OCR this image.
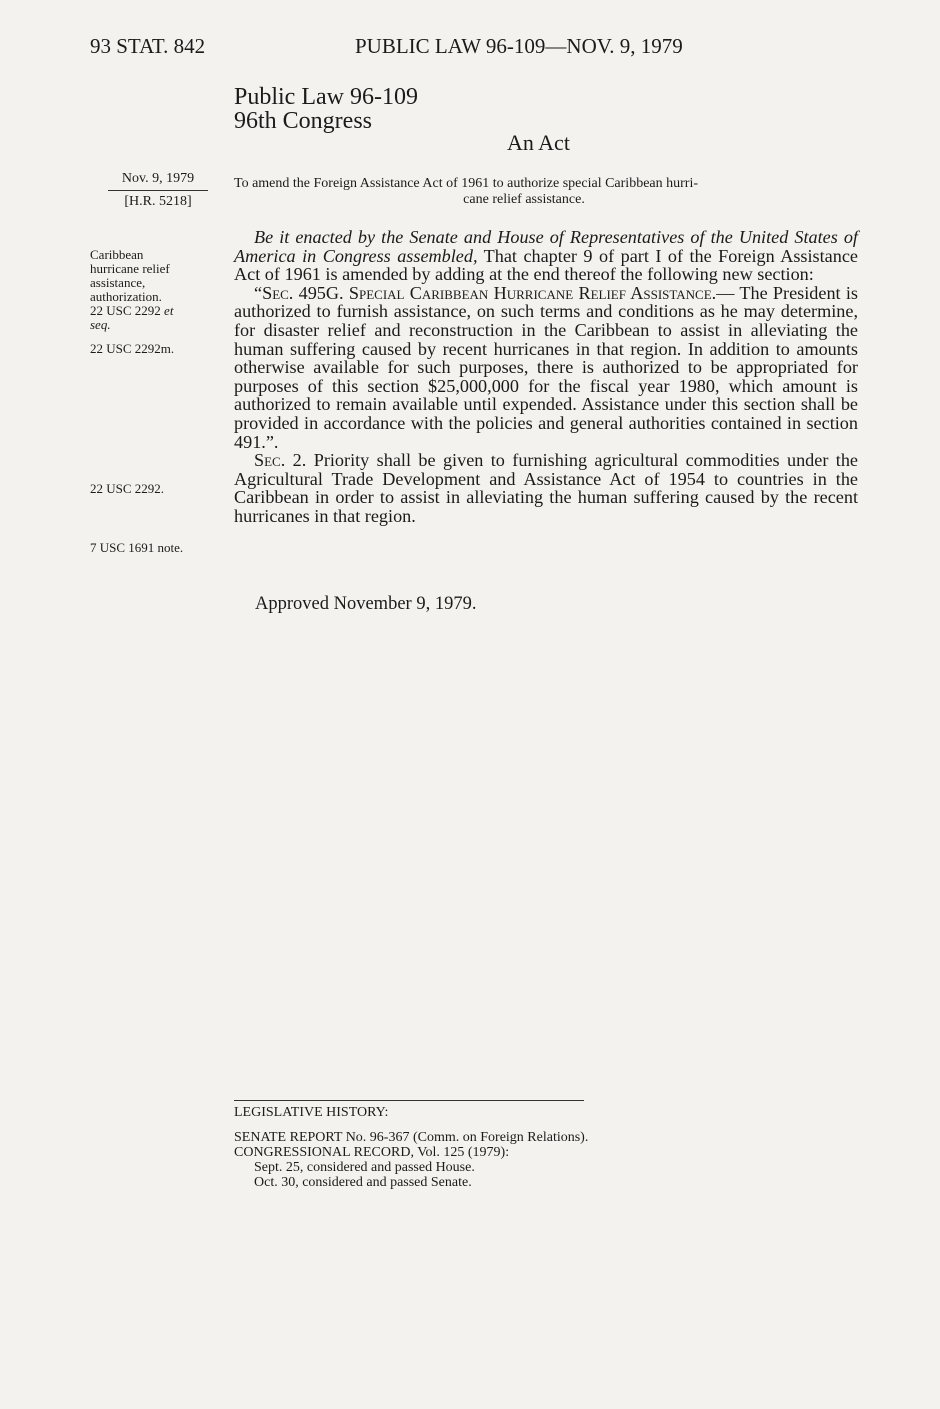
93 STAT. 842	PUBLIC LAW 96-109—NOV. 9, 1979
Public Law 96-109
96th Congress
An Act
Nov. 9, 1979
[H.R. 5218]
To amend the Foreign Assistance Act of 1961 to authorize special Caribbean hurri-
cane relief assistance.
Caribbean
hurricane relief
assistance,
authorization.
22 USC 2292 et
seq.
22 USC 2292m.
22 USC 2292.
7 USC 1691 note.

Be it enacted by the Senate and House of Representatives of the United States of America in Congress assembled, That chapter 9 of part I of the Foreign Assistance Act of 1961 is amended by adding at the end thereof the following new section:

“Sec. 495G. Special Caribbean Hurricane Relief Assistance.— The President is authorized to furnish assistance, on such terms and conditions as he may determine, for disaster relief and reconstruction in the Caribbean to assist in alleviating the human suffering caused by recent hurricanes in that region. In addition to amounts otherwise available for such purposes, there is authorized to be appropriated for purposes of this section $25,000,000 for the fiscal year 1980, which amount is authorized to remain available until expended. Assistance under this section shall be provided in accordance with the policies and general authorities contained in section 491.”.

Sec. 2. Priority shall be given to furnishing agricultural commodities under the Agricultural Trade Development and Assistance Act of 1954 to countries in the Caribbean in order to assist in alleviating the human suffering caused by the recent hurricanes in that region.

Approved November 9, 1979.
LEGISLATIVE HISTORY:
SENATE REPORT No. 96-367 (Comm. on Foreign Relations).
CONGRESSIONAL RECORD, Vol. 125 (1979):
Sept. 25, considered and passed House.
Oct. 30, considered and passed Senate.
